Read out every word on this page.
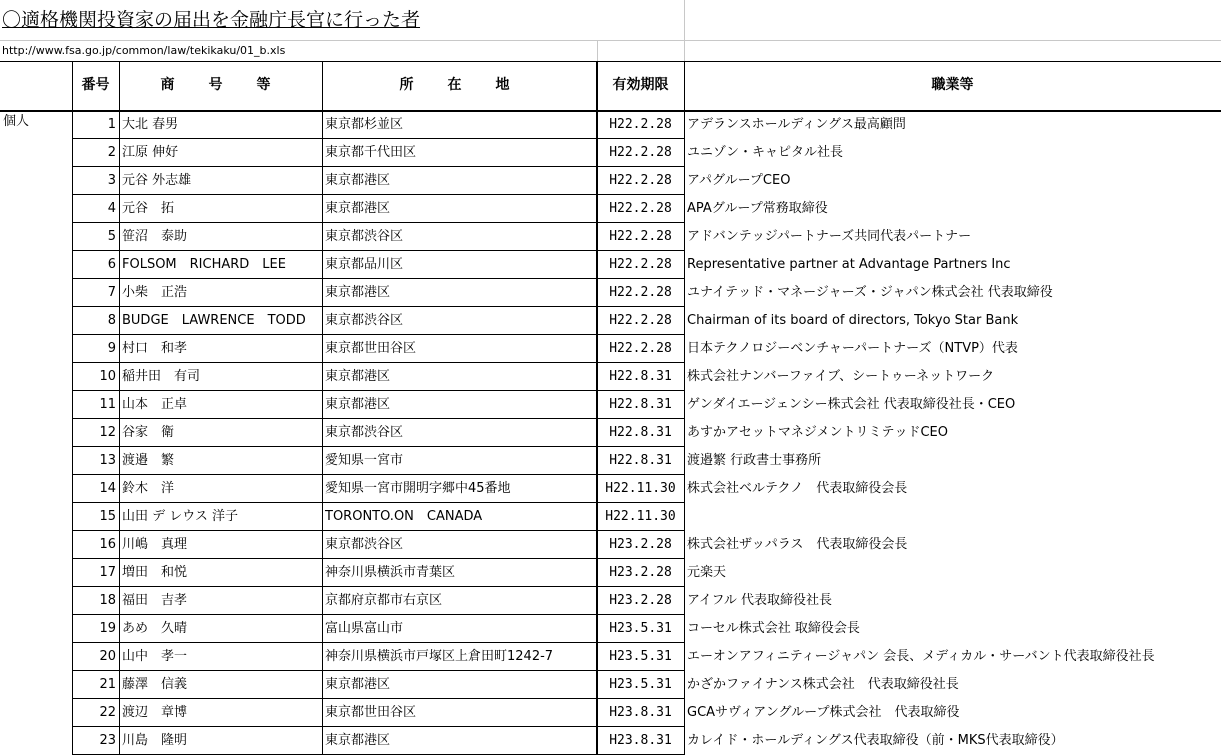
〇適格機関投資家の届出を金融庁長官に行った者
http://www.fsa.go.jp/common/law/tekikaku/01_b.xls
番号	商　号　等	所　在　地	有効期限	職業等
個人	1 大北 春男	東京都杉並区	H22.2.28	アデランスホールディングス最高顧問
2 江原 伸好	東京都千代田区	H22.2.28	ユニゾン・キャピタル社長
3 元谷 外志雄	東京都港区	H22.2.28	アパグループCEO
4 元谷　拓	東京都港区	H22.2.28	APAグループ常務取締役
5 笹沼　泰助	東京都渋谷区	H22.2.28	アドバンテッジパートナーズ共同代表パートナー
6 FOLSOM　RICHARD　LEE	東京都品川区	H22.2.28	Representative partner at Advantage Partners Inc
7 小柴　正浩	東京都港区	H22.2.28	ユナイテッド・マネージャーズ・ジャパン株式会社 代表取締役
8 BUDGE　LAWRENCE　TODD	東京都渋谷区	H22.2.28	Chairman of its board of directors, Tokyo Star Bank
9 村口　和孝	東京都世田谷区	H22.2.28	日本テクノロジーベンチャーパートナーズ（NTVP）代表
10 稲井田　有司	東京都港区	H22.8.31	株式会社ナンバーファイブ、シートゥーネットワーク
11 山本　正卓	東京都港区	H22.8.31	ゲンダイエージェンシー株式会社 代表取締役社長・CEO
12 谷家　衛	東京都渋谷区	H22.8.31	あすかアセットマネジメントリミテッドCEO
13 渡邉　繁	愛知県一宮市	H22.8.31	渡邉繁 行政書士事務所
14 鈴木　洋	愛知県一宮市開明字郷中45番地	H22.11.30 株式会社ベルテクノ　代表取締役会長
15 山田 デ レウス 洋子	TORONTO.ON　CANADA	H22.11.30
16 川嶋　真理	東京都渋谷区	H23.2.28	株式会社ザッパラス　代表取締役会長
17 増田　和悦	神奈川県横浜市青葉区	H23.2.28	元楽天
18 福田　吉孝	京都府京都市右京区	H23.2.28	アイフル 代表取締役社長
19 あめ　久晴	富山県富山市	H23.5.31	コーセル株式会社 取締役会長
20 山中　孝一	神奈川県横浜市戸塚区上倉田町1242-7	H23.5.31	エーオンアフィニティージャパン 会長、メディカル・サーバント代表取締役社長
21 藤澤　信義	東京都港区	H23.5.31	かざかファイナンス株式会社　代表取締役社長
22 渡辺　章博	東京都世田谷区	H23.8.31	GCAサヴィアングループ株式会社　代表取締役
23 川島　隆明	東京都港区	H23.8.31	カレイド・ホールディングス代表取締役（前・MKS代表取締役）
